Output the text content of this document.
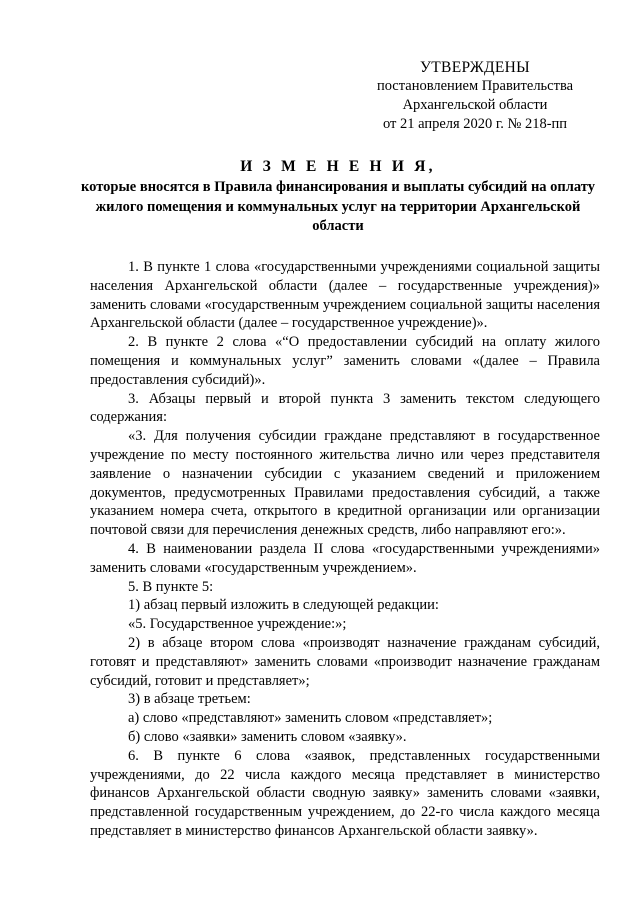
УТВЕРЖДЕНЫ
постановлением Правительства
Архангельской области
от 21 апреля 2020 г. № 218-пп
И З М Е Н Е Н И Я,
которые вносятся в Правила финансирования и выплаты субсидий на оплату жилого помещения и коммунальных услуг на территории Архангельской области

1. В пункте 1 слова «государственными учреждениями социальной защиты населения Архангельской области (далее – государственные учреждения)» заменить словами «государственным учреждением социальной защиты населения Архангельской области (далее – государственное учреждение)».

2. В пункте 2 слова «“О предоставлении субсидий на оплату жилого помещения и коммунальных услуг” заменить словами «(далее – Правила предоставления субсидий)».

3. Абзацы первый и второй пункта 3 заменить текстом следующего содержания:

«3. Для получения субсидии граждане представляют в государственное учреждение по месту постоянного жительства лично или через представителя заявление о назначении субсидии с указанием сведений и приложением документов, предусмотренных Правилами предоставления субсидий, а также указанием номера счета, открытого в кредитной организации или организации почтовой связи для перечисления денежных средств, либо направляют его:».

4. В наименовании раздела II слова «государственными учреждениями» заменить словами «государственным учреждением».

5. В пункте 5:

1) абзац первый изложить в следующей редакции:

«5. Государственное учреждение:»;

2) в абзаце втором слова «производят назначение гражданам субсидий, готовят и представляют» заменить словами «производит назначение гражданам субсидий, готовит и представляет»;

3) в абзаце третьем:

а) слово «представляют» заменить словом «представляет»;

б) слово «заявки» заменить словом «заявку».

6. В пункте 6 слова «заявок, представленных государственными учреждениями, до 22 числа каждого месяца представляет в министерство финансов Архангельской области сводную заявку» заменить словами «заявки, представленной государственным учреждением, до 22-го числа каждого месяца представляет в министерство финансов Архангельской области заявку».
